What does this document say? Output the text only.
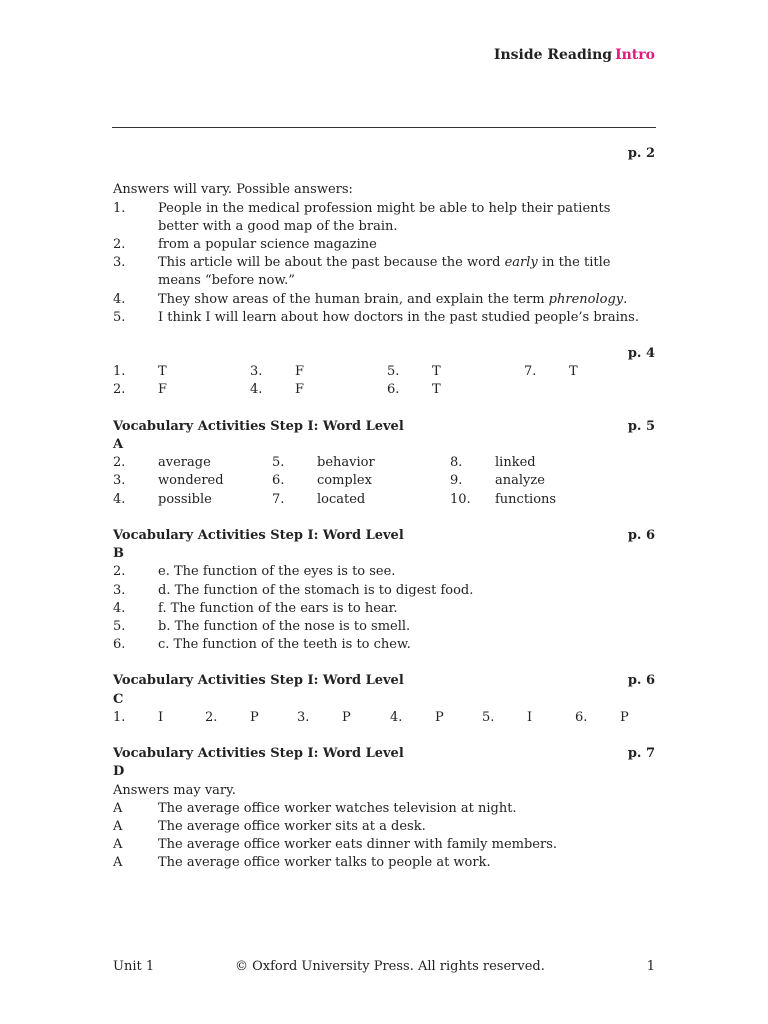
Inside Reading Intro
p. 2
Answers will vary. Possible answers:
1.	People in the medical profession might be able to help their patients better with a good map of the brain.
2.	from a popular science magazine
3.	This article will be about the past because the word early in the title means “before now.”
4.	They show areas of the human brain, and explain the term phrenology.
5.	I think I will learn about how doctors in the past studied people’s brains.
p. 4
1.	T	3.	F	5.	T	7.	T
2.	F	4.	F	6.	T
Vocabulary Activities Step I: Word Level	p. 5
A
2.	average	5.	behavior	8.	linked
3.	wondered	6.	complex	9.	analyze
4.	possible	7.	located	10. functions
Vocabulary Activities Step I: Word Level	p. 6
B
2.	e. The function of the eyes is to see.
3.	d. The function of the stomach is to digest food.
4.	f. The function of the ears is to hear.
5.	b. The function of the nose is to smell.
6.	c. The function of the teeth is to chew.
Vocabulary Activities Step I: Word Level	p. 6
C
1.	I	2.	P	3.	P	4.	P	5.	I	6.	P
Vocabulary Activities Step I: Word Level	p. 7
D
Answers may vary.
A	The average office worker watches television at night.
A	The average office worker sits at a desk.
A	The average office worker eats dinner with family members.
A	The average office worker talks to people at work.
Unit 1	© Oxford University Press. All rights reserved.	1
